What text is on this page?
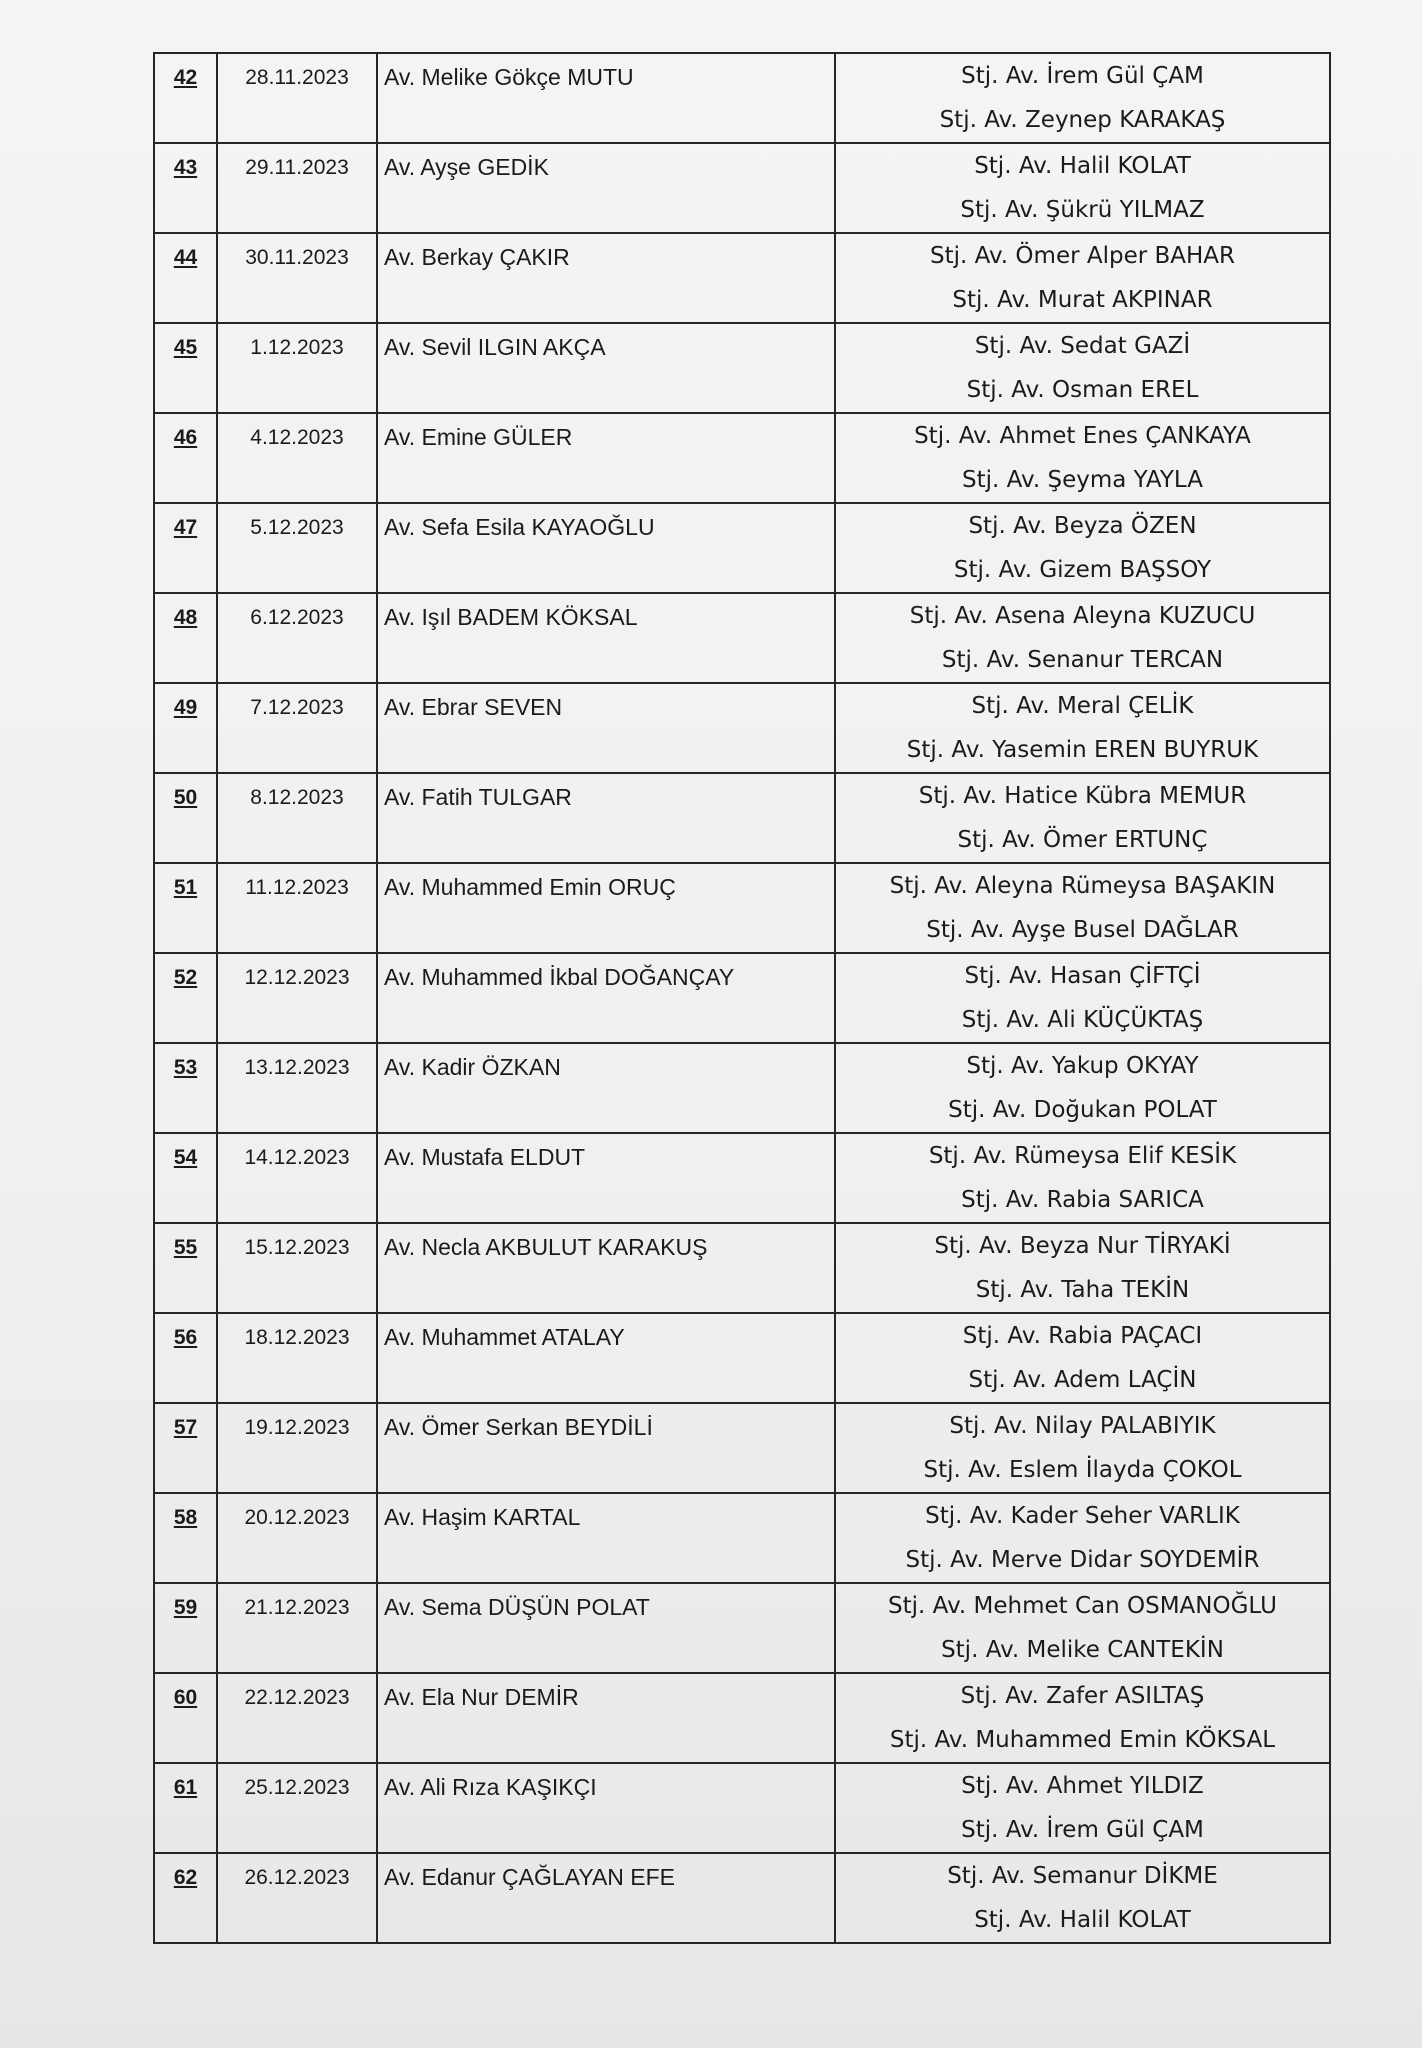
42	28.11.2023	Av. Melike Gökçe MUTU	Stj. Av. İrem Gül ÇAM
Stj. Av. Zeynep KARAKAŞ

43	29.11.2023	Av. Ayşe GEDİK	Stj. Av. Halil KOLAT
Stj. Av. Şükrü YILMAZ

44	30.11.2023	Av. Berkay ÇAKIR	Stj. Av. Ömer Alper BAHAR
Stj. Av. Murat AKPINAR

45	1.12.2023	Av. Sevil ILGIN AKÇA	Stj. Av. Sedat GAZİ
Stj. Av. Osman EREL

46	4.12.2023	Av. Emine GÜLER	Stj. Av. Ahmet Enes ÇANKAYA
Stj. Av. Şeyma YAYLA

47	5.12.2023	Av. Sefa Esila KAYAOĞLU	Stj. Av. Beyza ÖZEN
Stj. Av. Gizem BAŞSOY

48	6.12.2023	Av. Işıl BADEM KÖKSAL	Stj. Av. Asena Aleyna KUZUCU
Stj. Av. Senanur TERCAN

49	7.12.2023	Av. Ebrar SEVEN	Stj. Av. Meral ÇELİK
Stj. Av. Yasemin EREN BUYRUK

50	8.12.2023	Av. Fatih TULGAR	Stj. Av. Hatice Kübra MEMUR
Stj. Av. Ömer ERTUNÇ

51	11.12.2023	Av. Muhammed Emin ORUÇ	Stj. Av. Aleyna Rümeysa BAŞAKIN
Stj. Av. Ayşe Busel DAĞLAR

52	12.12.2023	Av. Muhammed İkbal DOĞANÇAY	Stj. Av. Hasan ÇİFTÇİ
Stj. Av. Ali KÜÇÜKTAŞ

53	13.12.2023	Av. Kadir ÖZKAN	Stj. Av. Yakup OKYAY
Stj. Av. Doğukan POLAT

54	14.12.2023	Av. Mustafa ELDUT	Stj. Av. Rümeysa Elif KESİK
Stj. Av. Rabia SARICA

55	15.12.2023	Av. Necla AKBULUT KARAKUŞ	Stj. Av. Beyza Nur TİRYAKİ
Stj. Av. Taha TEKİN

56	18.12.2023	Av. Muhammet ATALAY	Stj. Av. Rabia PAÇACI
Stj. Av. Adem LAÇİN

57	19.12.2023	Av. Ömer Serkan BEYDİLİ	Stj. Av. Nilay PALABIYIK
Stj. Av. Eslem İlayda ÇOKOL

58	20.12.2023	Av. Haşim KARTAL	Stj. Av. Kader Seher VARLIK
Stj. Av. Merve Didar SOYDEMİR

59	21.12.2023	Av. Sema DÜŞÜN POLAT	Stj. Av. Mehmet Can OSMANOĞLU
Stj. Av. Melike CANTEKİN

60	22.12.2023	Av. Ela Nur DEMİR	Stj. Av. Zafer ASILTAŞ
Stj. Av. Muhammed Emin KÖKSAL

61	25.12.2023	Av. Ali Rıza KAŞIKÇI	Stj. Av. Ahmet YILDIZ
Stj. Av. İrem Gül ÇAM

62	26.12.2023	Av. Edanur ÇAĞLAYAN EFE	Stj. Av. Semanur DİKME
Stj. Av. Halil KOLAT
